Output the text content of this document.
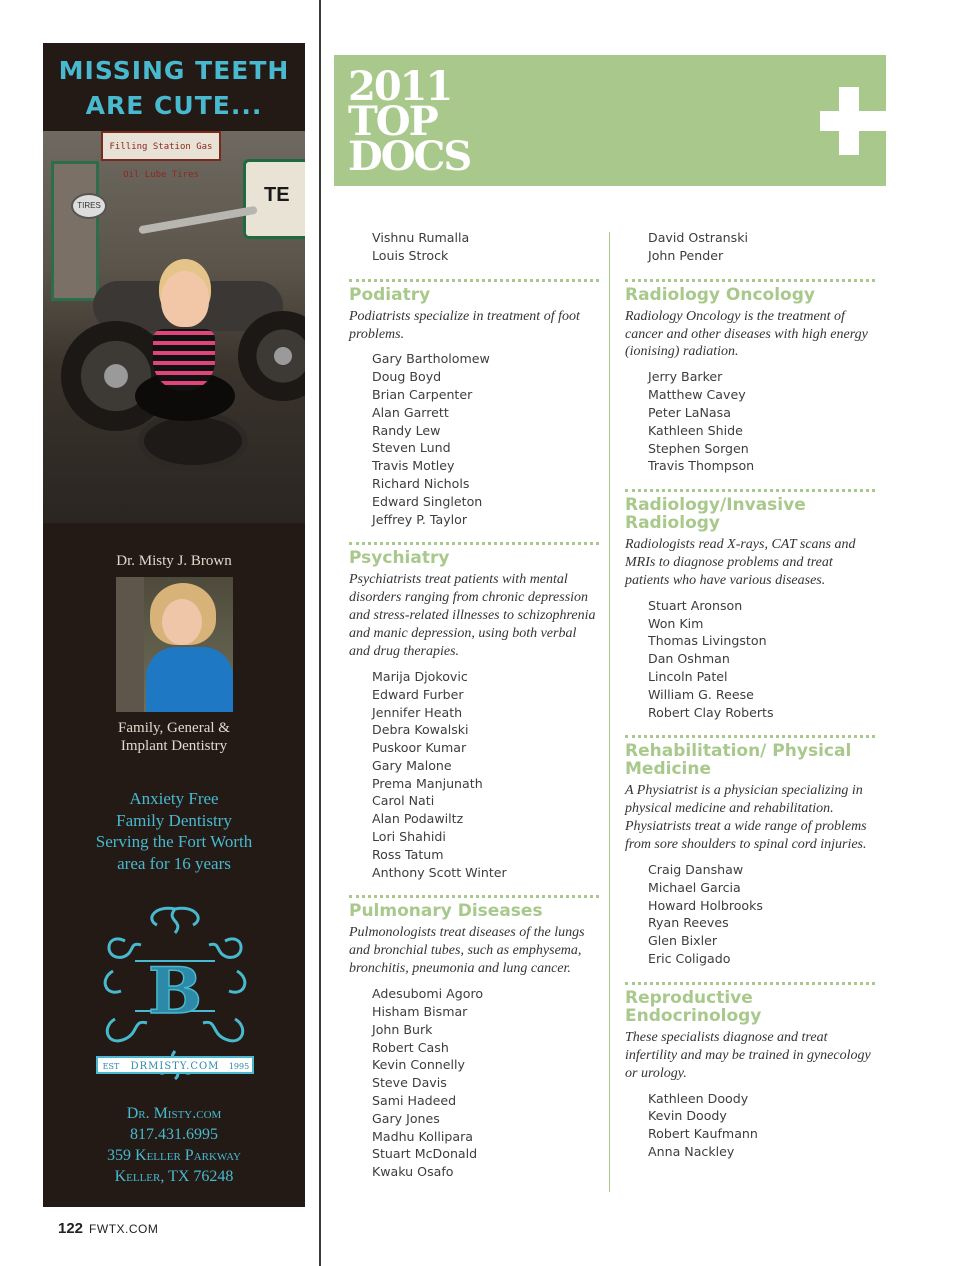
MISSING TEETH
ARE CUTE...
Filling Station Gas Oil Lube Tires
TIRES	TE
Dr. Misty J. Brown
Family, General &
Implant Dentistry
Anxiety Free
Family Dentistry
Serving the Fort Worth
area for 16 years
B
DRMISTY.COM
EST	1995
Dr. Misty.com
817.431.6995
359 Keller Parkway
Keller, TX 76248
122 FWTX.COM
2011
TOP
DOCS
Vishnu Rumalla
Louis Strock
Podiatry

Podiatrists specialize in treatment of foot problems.

Gary Bartholomew
Doug Boyd
Brian Carpenter
Alan Garrett
Randy Lew
Steven Lund
Travis Motley
Richard Nichols
Edward Singleton
Jeffrey P. Taylor
Psychiatry

Psychiatrists treat patients with mental disorders ranging from chronic depression and stress-related illnesses to schizophrenia and manic depression, using both verbal and drug therapies.

Marija Djokovic
Edward Furber
Jennifer Heath
Debra Kowalski
Puskoor Kumar
Gary Malone
Prema Manjunath
Carol Nati
Alan Podawiltz
Lori Shahidi
Ross Tatum
Anthony Scott Winter
Pulmonary Diseases

Pulmonologists treat diseases of the lungs and bronchial tubes, such as emphysema, bronchitis, pneumonia and lung cancer.

Adesubomi Agoro
Hisham Bismar
John Burk
Robert Cash
Kevin Connelly
Steve Davis
Sami Hadeed
Gary Jones
Madhu Kollipara
Stuart McDonald
Kwaku Osafo
David Ostranski
John Pender
Radiology Oncology

Radiology Oncology is the treatment of cancer and other diseases with high energy (ionising) radiation.

Jerry Barker
Matthew Cavey
Peter LaNasa
Kathleen Shide
Stephen Sorgen
Travis Thompson
Radiology/Invasive Radiology

Radiologists read X-rays, CAT scans and MRIs to diagnose problems and treat patients who have various diseases.

Stuart Aronson
Won Kim
Thomas Livingston
Dan Oshman
Lincoln Patel
William G. Reese
Robert Clay Roberts
Rehabilitation/ Physical Medicine

A Physiatrist is a physician specializing in physical medicine and rehabilitation. Physiatrists treat a wide range of problems from sore shoulders to spinal cord injuries.

Craig Danshaw
Michael Garcia
Howard Holbrooks
Ryan Reeves
Glen Bixler
Eric Coligado
Reproductive Endocrinology

These specialists diagnose and treat infertility and may be trained in gynecology or urology.

Kathleen Doody
Kevin Doody
Robert Kaufmann
Anna Nackley
